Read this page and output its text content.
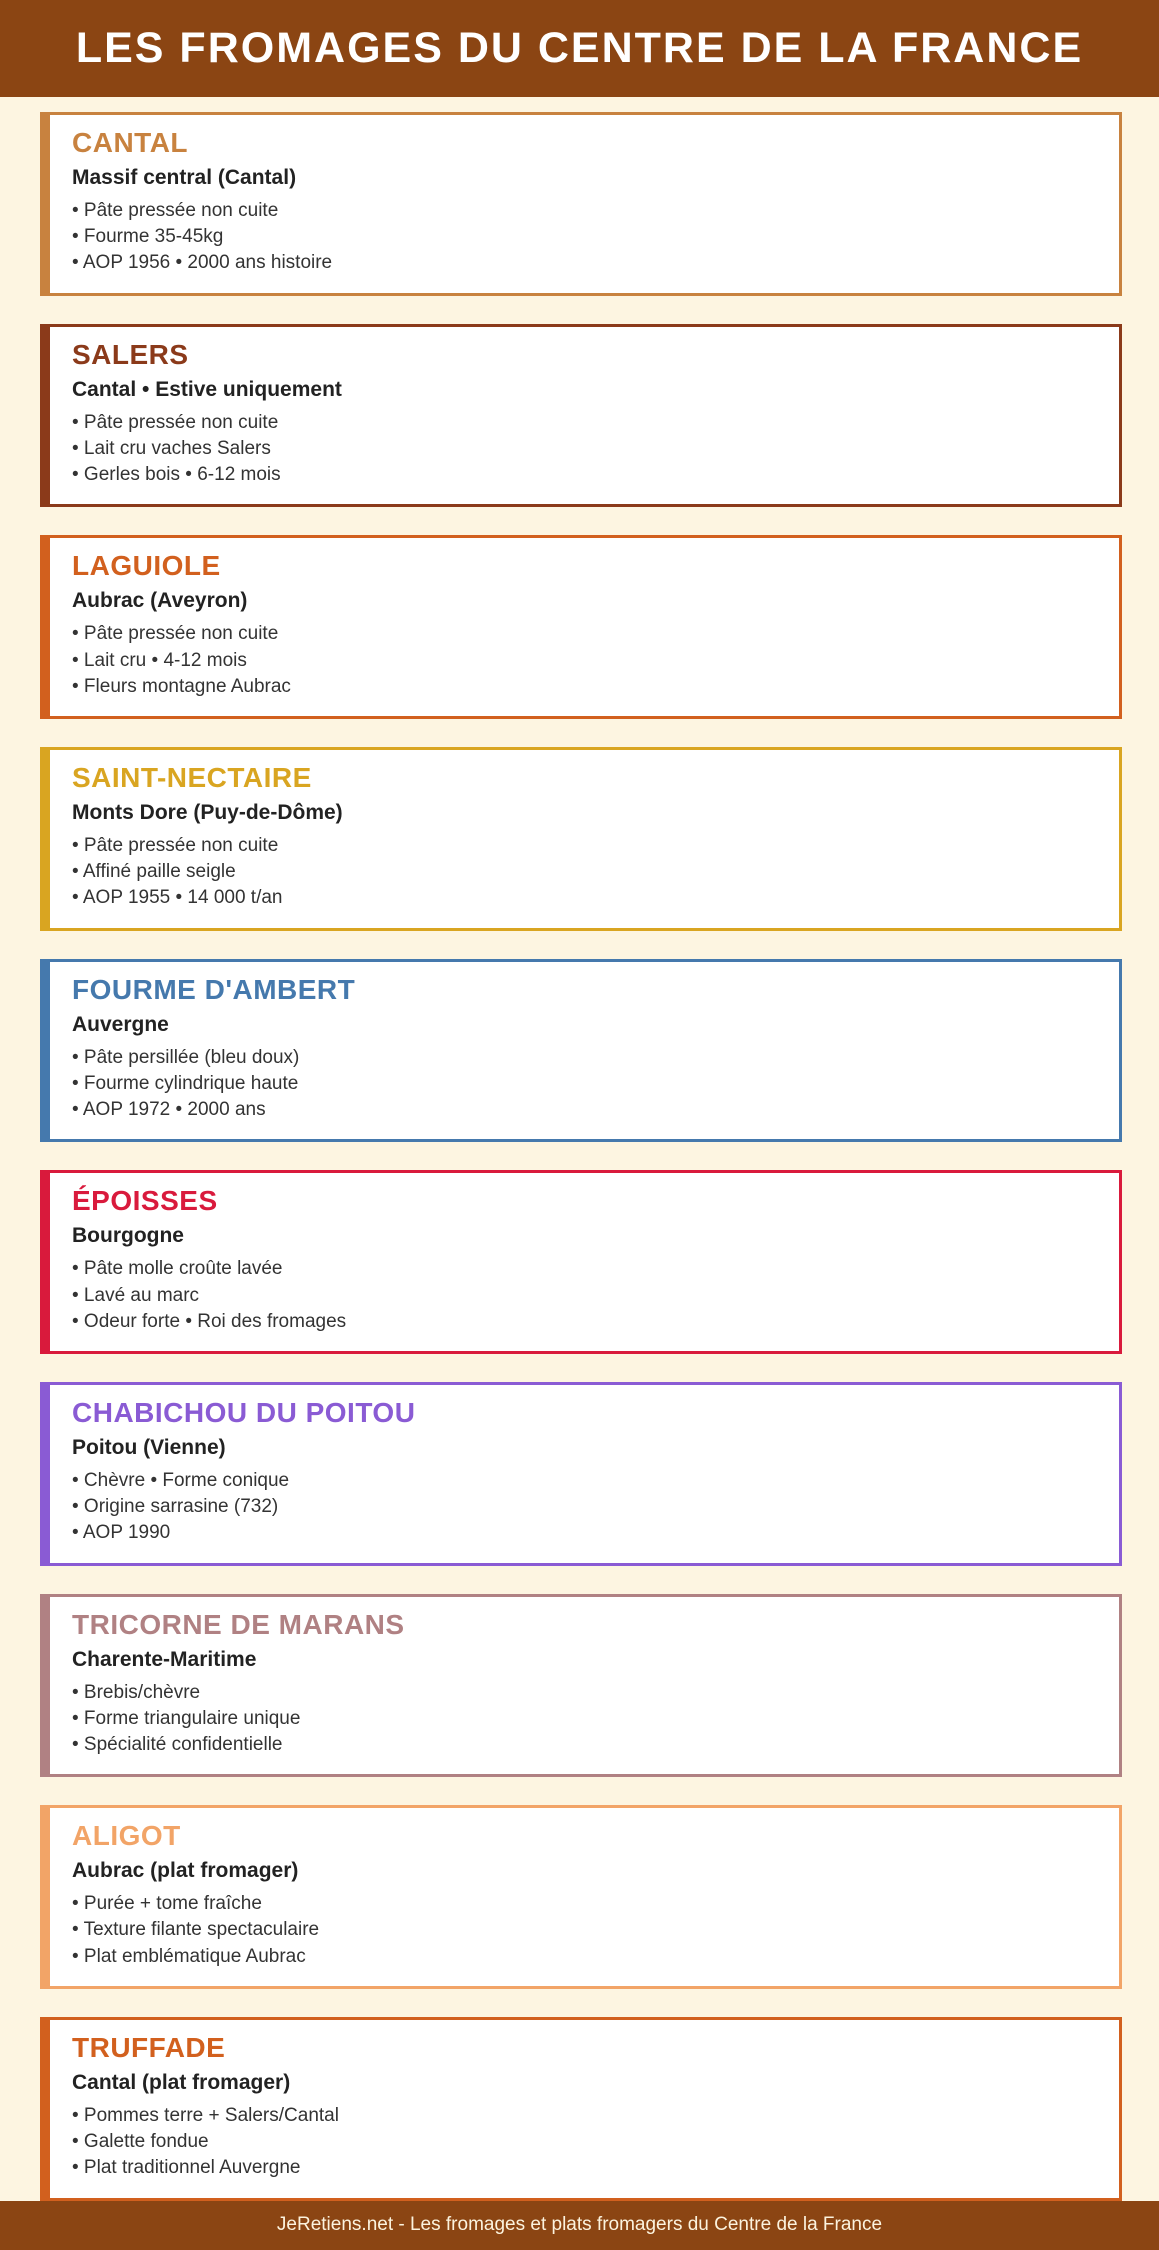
LES FROMAGES DU CENTRE DE LA FRANCE
CANTAL
Massif central (Cantal)
• Pâte pressée non cuite
• Fourme 35-45kg
• AOP 1956 • 2000 ans histoire
SALERS
Cantal • Estive uniquement
• Pâte pressée non cuite
• Lait cru vaches Salers
• Gerles bois • 6-12 mois
LAGUIOLE
Aubrac (Aveyron)
• Pâte pressée non cuite
• Lait cru • 4-12 mois
• Fleurs montagne Aubrac
SAINT-NECTAIRE
Monts Dore (Puy-de-Dôme)
• Pâte pressée non cuite
• Affiné paille seigle
• AOP 1955 • 14 000 t/an
FOURME D'AMBERT
Auvergne
• Pâte persillée (bleu doux)
• Fourme cylindrique haute
• AOP 1972 • 2000 ans
ÉPOISSES
Bourgogne
• Pâte molle croûte lavée
• Lavé au marc
• Odeur forte • Roi des fromages
CHABICHOU DU POITOU
Poitou (Vienne)
• Chèvre • Forme conique
• Origine sarrasine (732)
• AOP 1990
TRICORNE DE MARANS
Charente-Maritime
• Brebis/chèvre
• Forme triangulaire unique
• Spécialité confidentielle
ALIGOT
Aubrac (plat fromager)
• Purée + tome fraîche
• Texture filante spectaculaire
• Plat emblématique Aubrac
TRUFFADE
Cantal (plat fromager)
• Pommes terre + Salers/Cantal
• Galette fondue
• Plat traditionnel Auvergne
JeRetiens.net - Les fromages et plats fromagers du Centre de la France
